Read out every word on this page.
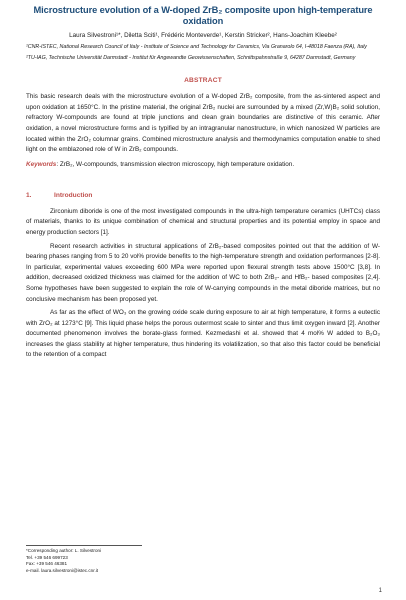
Microstructure evolution of a W-doped ZrB₂ composite upon high-temperature oxidation
Laura Silvestroni¹*, Diletta Sciti¹, Frédéric Monteverde¹, Kerstin Stricker², Hans-Joachim Kleebe²
¹CNR-ISTEC, National Research Council of Italy - Institute of Science and Technology for Ceramics, Via Granarolo 64, I-48018 Faenza (RA), Italy
²TU-IAG, Technische Universität Darmstadt - Institut für Angewandte Geowissenschaften, Schnittspahnstraße 9, 64287 Darmstadt, Germany
ABSTRACT

This basic research deals with the microstructure evolution of a W-doped ZrB₂ composite, from the as-sintered aspect and upon oxidation at 1650°C. In the pristine material, the original ZrB₂ nuclei are surrounded by a mixed (Zr,W)B₂ solid solution, refractory W-compounds are found at triple junctions and clean grain boundaries are distinctive of this ceramic. After oxidation, a novel microstructure forms and is typified by an intragranular nanostructure, in which nanosized W particles are located within the ZrO₂ columnar grains. Combined microstructure analysis and thermodynamics computation enable to shed light on the emblazoned role of W in ZrB₂ compounds.

Keywords: ZrB₂, W-compounds, transmission electron microscopy, high temperature oxidation.
1.	Introduction

Zirconium diboride is one of the most investigated compounds in the ultra-high temperature ceramics (UHTCs) class of materials, thanks to its unique combination of chemical and structural properties and its potential employ in space and energy production sectors [1].

Recent research activities in structural applications of ZrB₂-based composites pointed out that the addition of W-bearing phases ranging from 5 to 20 vol% provide benefits to the high-temperature strength and oxidation performances [2-8]. In particular, experimental values exceeding 600 MPa were reported upon flexural strength tests above 1500°C [3,8]. In addition, decreased oxidized thickness was claimed for the addition of WC to both ZrB₂- and HfB₂- based composites [2,4]. Some hypotheses have been suggested to explain the role of W-carrying compounds in the metal diboride matrices, but no conclusive mechanism has been proposed yet.

As far as the effect of WO₃ on the growing oxide scale during exposure to air at high temperature, it forms a eutectic with ZrO₂ at 1273°C [9]. This liquid phase helps the porous outermost scale to sinter and thus limit oxygen inward [2]. Another documented phenomenon involves the borate-glass formed. Kezmedashi et al. showed that 4 mol% W added to B₂O₃ increases the glass stability at higher temperature, thus hindering its volatilization, so that also this factor could be beneficial to the retention of a compact

*Corresponding author: L. Silvestroni
Tel. +39 546 699723
Fax: +39 546 46381
e-mail. laura.silvestroni@istec.cnr.it
1
